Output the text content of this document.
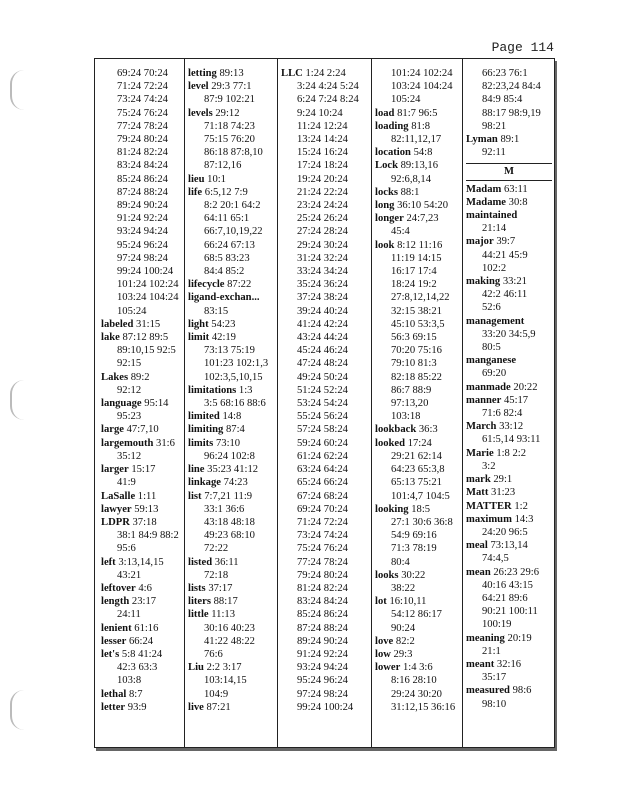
Page 114
69:24 70:24
71:24 72:24
73:24 74:24
75:24 76:24
77:24 78:24
79:24 80:24
81:24 82:24
83:24 84:24
85:24 86:24
87:24 88:24
89:24 90:24
91:24 92:24
93:24 94:24
95:24 96:24
97:24 98:24
99:24 100:24
101:24 102:24
103:24 104:24
105:24
labeled 31:15
lake 87:12 89:5
89:10,15 92:5
92:15
Lakes 89:2
92:12
language 95:14
95:23
large 47:7,10
largemouth 31:6
35:12
larger 15:17
41:9
LaSalle 1:11
lawyer 59:13
LDPR 37:18
38:1 84:9 88:2
95:6
left 3:13,14,15
43:21
leftover 4:6
length 23:17
24:11
lenient 61:16
lesser 66:24
let's 5:8 41:24
42:3 63:3
103:8
lethal 8:7
letter 93:9
letting 89:13
level 29:3 77:1
87:9 102:21
levels 29:12
71:18 74:23
75:15 76:20
86:18 87:8,10
87:12,16
lieu 10:1
life 6:5,12 7:9
8:2 20:1 64:2
64:11 65:1
66:7,10,19,22
66:24 67:13
68:5 83:23
84:4 85:2
lifecycle 87:22
ligand-exchan...
83:15
light 54:23
limit 42:19
73:13 75:19
101:23 102:1,3
102:3,5,10,15
limitations 1:3
3:5 68:16 88:6
limited 14:8
limiting 87:4
limits 73:10
96:24 102:8
line 35:23 41:12
linkage 74:23
list 7:7,21 11:9
33:1 36:6
43:18 48:18
49:23 68:10
72:22
listed 36:11
72:18
lists 37:17
liters 88:17
little 11:13
30:16 40:23
41:22 48:22
76:6
Liu 2:2 3:17
103:14,15
104:9
live 87:21
LLC 1:24 2:24
3:24 4:24 5:24
6:24 7:24 8:24
9:24 10:24
11:24 12:24
13:24 14:24
15:24 16:24
17:24 18:24
19:24 20:24
21:24 22:24
23:24 24:24
25:24 26:24
27:24 28:24
29:24 30:24
31:24 32:24
33:24 34:24
35:24 36:24
37:24 38:24
39:24 40:24
41:24 42:24
43:24 44:24
45:24 46:24
47:24 48:24
49:24 50:24
51:24 52:24
53:24 54:24
55:24 56:24
57:24 58:24
59:24 60:24
61:24 62:24
63:24 64:24
65:24 66:24
67:24 68:24
69:24 70:24
71:24 72:24
73:24 74:24
75:24 76:24
77:24 78:24
79:24 80:24
81:24 82:24
83:24 84:24
85:24 86:24
87:24 88:24
89:24 90:24
91:24 92:24
93:24 94:24
95:24 96:24
97:24 98:24
99:24 100:24
101:24 102:24
103:24 104:24
105:24
load 81:7 96:5
loading 81:8
82:11,12,17
location 54:8
Lock 89:13,16
92:6,8,14
locks 88:1
long 36:10 54:20
longer 24:7,23
45:4
look 8:12 11:16
11:19 14:15
16:17 17:4
18:24 19:2
27:8,12,14,22
32:15 38:21
45:10 53:3,5
56:3 69:15
70:20 75:16
79:10 81:3
82:18 85:22
86:7 88:9
97:13,20
103:18
lookback 36:3
looked 17:24
29:21 62:14
64:23 65:3,8
65:13 75:21
101:4,7 104:5
looking 18:5
27:1 30:6 36:8
54:9 69:16
71:3 78:19
80:4
looks 30:22
38:22
lot 16:10,11
54:12 86:17
90:24
love 82:2
low 29:3
lower 1:4 3:6
8:16 28:10
29:24 30:20
31:12,15 36:16
66:23 76:1
82:23,24 84:4
84:9 85:4
88:17 98:9,19
98:21
Lyman 89:1
92:11
M
Madam 63:11
Madame 30:8
maintained
21:14
major 39:7
44:21 45:9
102:2
making 33:21
42:2 46:11
52:6
management
33:20 34:5,9
80:5
manganese
69:20
manmade 20:22
manner 45:17
71:6 82:4
March 33:12
61:5,14 93:11
Marie 1:8 2:2
3:2
mark 29:1
Matt 31:23
MATTER 1:2
maximum 14:3
24:20 96:5
meal 73:13,14
74:4,5
mean 26:23 29:6
40:16 43:15
64:21 89:6
90:21 100:11
100:19
meaning 20:19
21:1
meant 32:16
35:17
measured 98:6
98:10
